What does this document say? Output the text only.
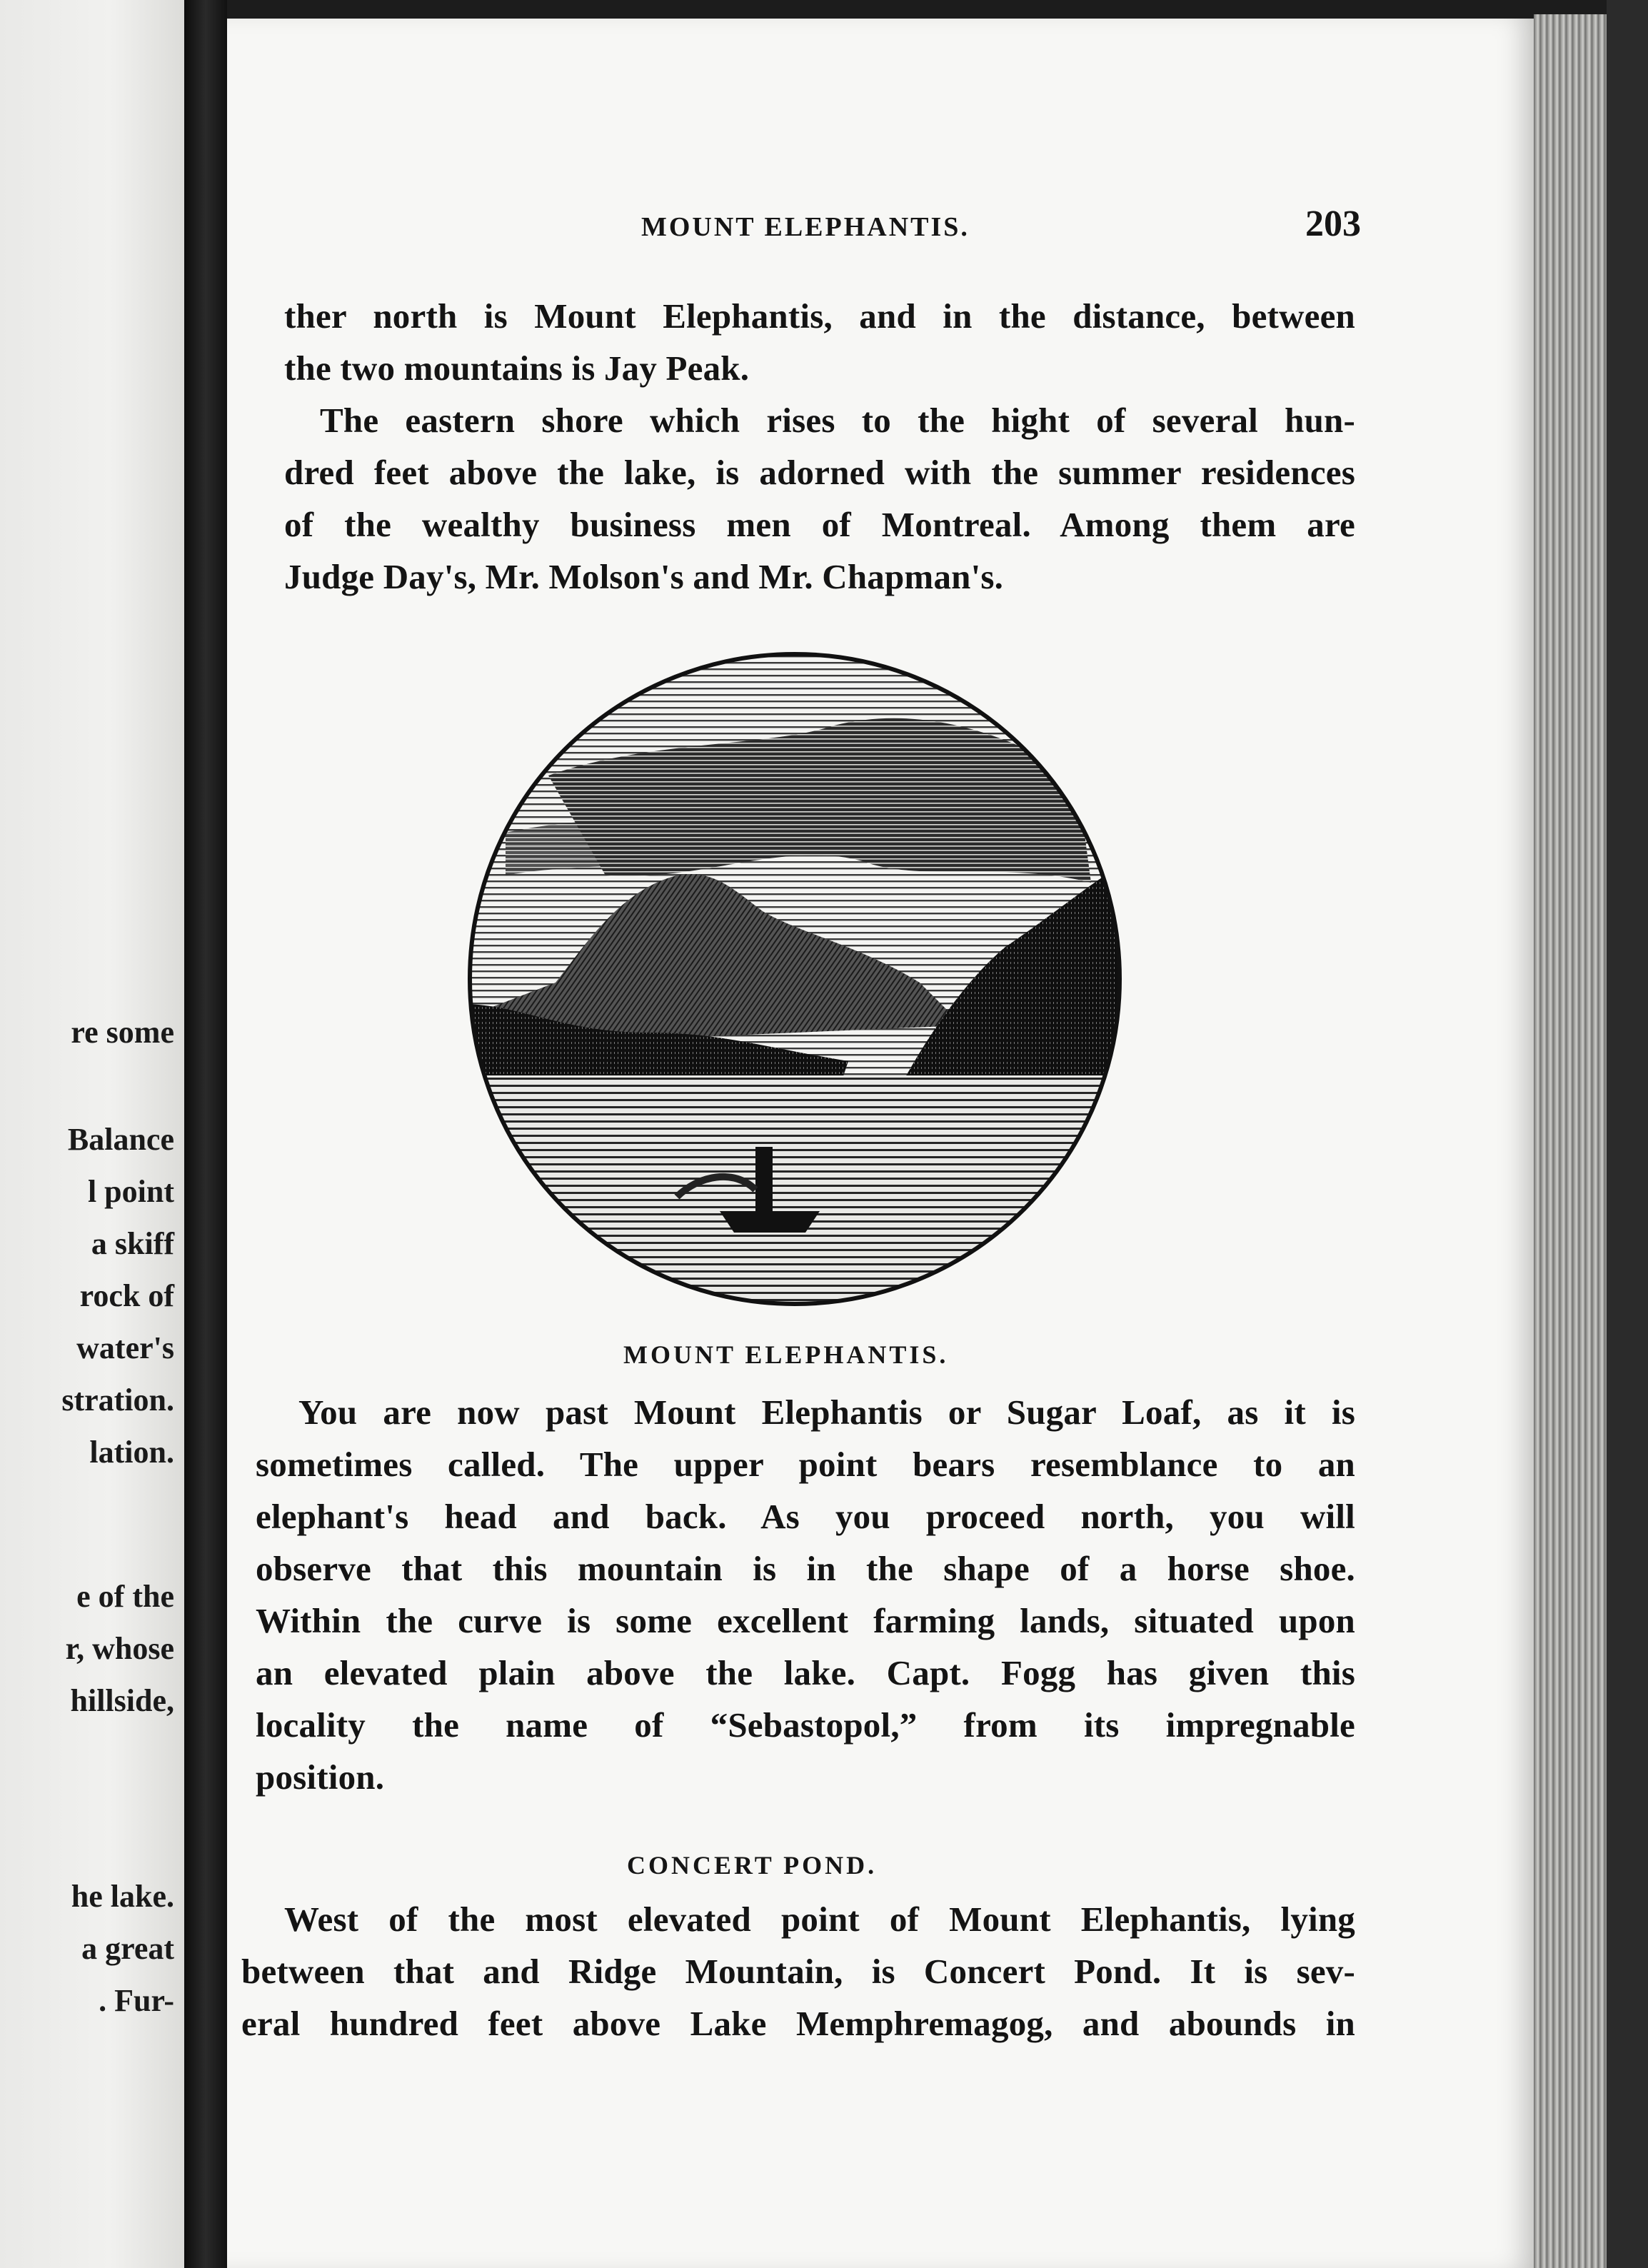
re some
Balance
l point
a skiff
rock of
water's
stration.
lation.
e of the
r, whose
hillside,
he lake.
a great
. Fur-
MOUNT ELEPHANTIS.	203
ther north is Mount Elephantis, and in the distance, between
the two mountains is Jay Peak.
The eastern shore which rises to the hight of several hun-
dred feet above the lake, is adorned with the summer residences
of the wealthy business men of Montreal. Among them are
Judge Day's, Mr. Molson's and Mr. Chapman's.
MOUNT ELEPHANTIS.
You are now past Mount Elephantis or Sugar Loaf, as it is
sometimes called. The upper point bears resemblance to an
elephant's head and back. As you proceed north, you will
observe that this mountain is in the shape of a horse shoe.
Within the curve is some excellent farming lands, situated upon
an elevated plain above the lake. Capt. Fogg has given this
locality the name of “Sebastopol,” from its impregnable
position.
CONCERT POND.
West of the most elevated point of Mount Elephantis, lying
between that and Ridge Mountain, is Concert Pond. It is sev-
eral hundred feet above Lake Memphremagog, and abounds in
